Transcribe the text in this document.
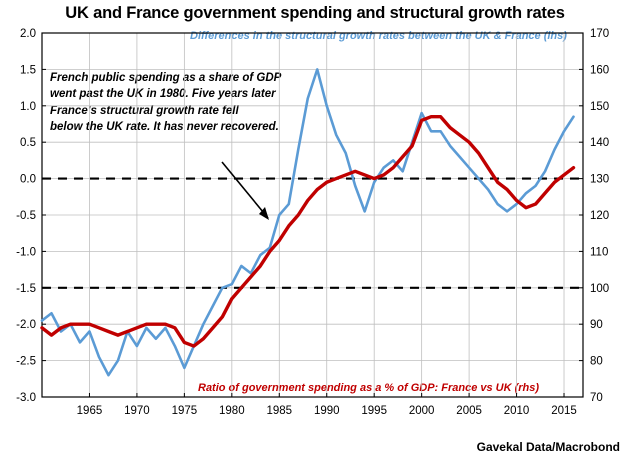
UK and France government spending and structural growth rates
Differences in the structural growth rates between the UK & France (lhs)
Ratio of government spending as a % of GDP: France vs UK (rhs)
French public spending as a share of GDP
went past the UK in 1980. Five years later
France's structural growth rate fell
below the UK rate. It has never recovered.
-3.0
-2.5
-2.0
-1.5
-1.0
-0.5
0.0
0.5
1.0
1.5
2.0
70
80
90
100
110
120
130
140
150
160
170
1965 1970 1975 1980 1985 1990 1995 2000 2005 2010 2015
Gavekal Data/Macrobond
